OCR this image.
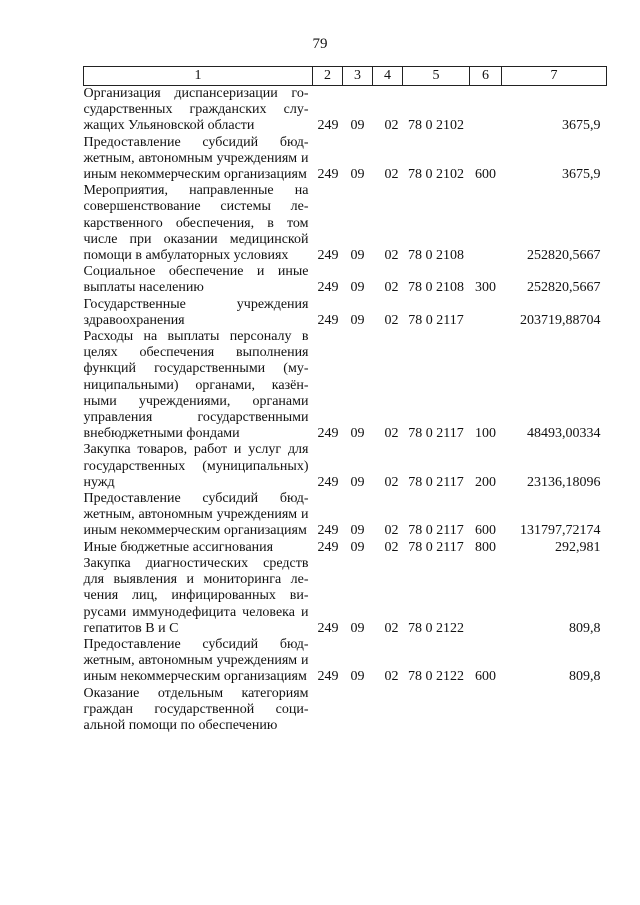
79
1	2	3	4	5	6	7
Организация диспансеризации государственных гражданских служащих Ульяновской области	249	09	02	78 0 2102		3675,9
Предоставление субсидий бюджетным, автономным учреждениям и иным некоммерческим организациям	249	09	02	78 0 2102	600	3675,9
Мероприятия, направленные на совершенствование системы лекарственного обеспечения, в том числе при оказании медицинской помощи в амбулаторных условиях	249	09	02	78 0 2108		252820,5667
Социальное обеспечение и иные выплаты населению	249	09	02	78 0 2108	300	252820,5667
Государственные учреждения здравоохранения	249	09	02	78 0 2117		203719,88704
Расходы на выплаты персоналу в целях обеспечения выполнения функций государственными (муниципальными) органами, казёнными учреждениями, органами управления государственными внебюджетными фондами	249	09	02	78 0 2117	100	48493,00334
Закупка товаров, работ и услуг для государственных (муниципальных) нужд	249	09	02	78 0 2117	200	23136,18096
Предоставление субсидий бюджетным, автономным учреждениям и иным некоммерческим организациям	249	09	02	78 0 2117	600	131797,72174
Иные бюджетные ассигнования	249	09	02	78 0 2117	800	292,981
Закупка диагностических средств для выявления и мониторинга лечения лиц, инфицированных вирусами иммунодефицита человека и гепатитов В и С	249	09	02	78 0 2122		809,8
Предоставление субсидий бюджетным, автономным учреждениям и иным некоммерческим организациям	249	09	02	78 0 2122	600	809,8
Оказание отдельным категориям граждан государственной социальной помощи по обеспечению						
